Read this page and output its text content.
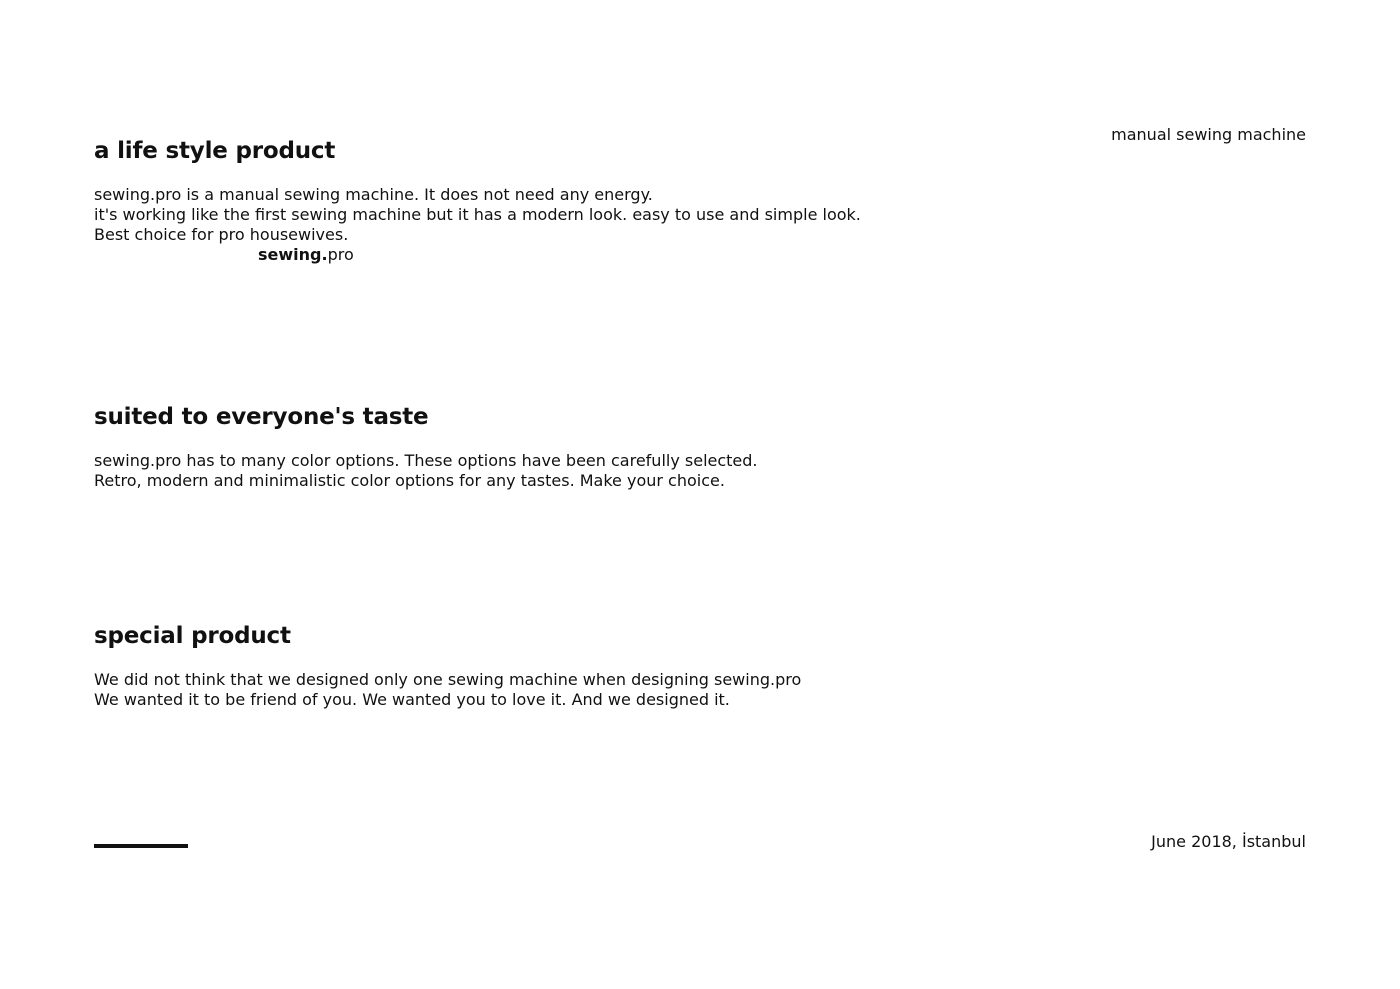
manual sewing machine
a life style product
sewing.pro is a manual sewing machine. It does not need any energy.
it's working like the first sewing machine but it has a modern look. easy to use and simple look.
Best choice for pro housewives.
sewing.pro
suited to everyone's taste
sewing.pro has to many color options. These options have been carefully selected.
Retro, modern and minimalistic color options for any tastes. Make your choice.
special product
We did not think that we designed only one sewing machine when designing sewing.pro
We wanted it to be friend of you. We wanted you to love it. And we designed it.
June 2018, İstanbul
